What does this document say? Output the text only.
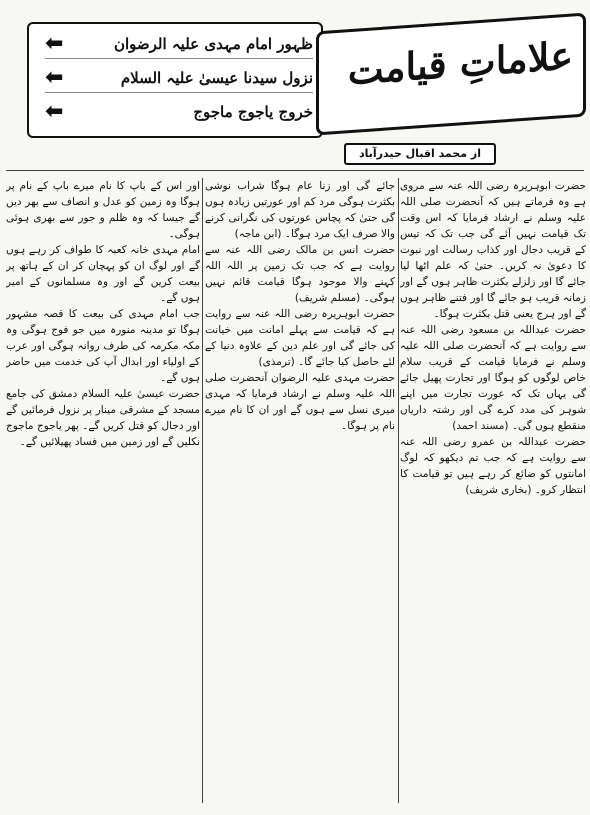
ظہور امام مہدی علیہ الرضوان
⬅
نزول سیدنا عیسیٰ علیہ السلام
⬅
خروج یاجوج ماجوج
⬅
علاماتِ قیامت
از محمد اقبال حیدرآباد

حضرت ابوہریرہ رضی اللہ عنہ سے مروی ہے وہ فرماتے ہیں کہ آنحضرت صلی اللہ علیہ وسلم نے ارشاد فرمایا کہ اس وقت تک قیامت نہیں آئے گی جب تک کہ تیس کے قریب دجال اور کذاب رسالت اور نبوت کا دعویٰ نہ کریں۔ حتیٰ کہ علم اٹھا لیا جائے گا اور زلزلے بکثرت ظاہر ہوں گے اور زمانہ قریب ہو جائے گا اور فتنے ظاہر ہوں گے اور ہرج یعنی قتل بکثرت ہوگا۔

حضرت عبداللہ بن مسعود رضی اللہ عنہ سے روایت ہے کہ آنحضرت صلی اللہ علیہ وسلم نے فرمایا قیامت کے قریب سلام خاص لوگوں کو ہوگا اور تجارت پھیل جائے گی یہاں تک کہ عورت تجارت میں اپنے شوہر کی مدد کرے گی اور رشتہ داریاں منقطع ہوں گی۔ (مسند احمد)

حضرت عبداللہ بن عمرو رضی اللہ عنہ سے روایت ہے کہ جب تم دیکھو کہ لوگ امانتوں کو ضائع کر رہے ہیں تو قیامت کا انتظار کرو۔ (بخاری شریف)

جائے گی اور زنا عام ہوگا شراب نوشی بکثرت ہوگی مرد کم اور عورتیں زیادہ ہوں گی حتیٰ کہ پچاس عورتوں کی نگرانی کرنے والا صرف ایک مرد ہوگا۔ (ابن ماجہ)

حضرت انس بن مالک رضی اللہ عنہ سے روایت ہے کہ جب تک زمین پر اللہ اللہ کہنے والا موجود ہوگا قیامت قائم نہیں ہوگی۔ (مسلم شریف)

حضرت ابوہریرہ رضی اللہ عنہ سے روایت ہے کہ قیامت سے پہلے امانت میں خیانت کی جائے گی اور علم دین کے علاوہ دنیا کے لئے حاصل کیا جائے گا۔ (ترمذی)

حضرت مہدی علیہ الرضوان آنحضرت صلی اللہ علیہ وسلم نے ارشاد فرمایا کہ مہدی میری نسل سے ہوں گے اور ان کا نام میرے نام پر ہوگا۔

اور اس کے باپ کا نام میرے باپ کے نام پر ہوگا وہ زمین کو عدل و انصاف سے بھر دیں گے جیسا کہ وہ ظلم و جور سے بھری ہوئی ہوگی۔

امام مہدی خانہ کعبہ کا طواف کر رہے ہوں گے اور لوگ ان کو پہچان کر ان کے ہاتھ پر بیعت کریں گے اور وہ مسلمانوں کے امیر ہوں گے۔

جب امام مہدی کی بیعت کا قصہ مشہور ہوگا تو مدینہ منورہ میں جو فوج ہوگی وہ مکہ مکرمہ کی طرف روانہ ہوگی اور عرب کے اولیاء اور ابدال آپ کی خدمت میں حاضر ہوں گے۔

حضرت عیسیٰ علیہ السلام دمشق کی جامع مسجد کے مشرقی مینار پر نزول فرمائیں گے اور دجال کو قتل کریں گے۔ پھر یاجوج ماجوج نکلیں گے اور زمین میں فساد پھیلائیں گے۔
